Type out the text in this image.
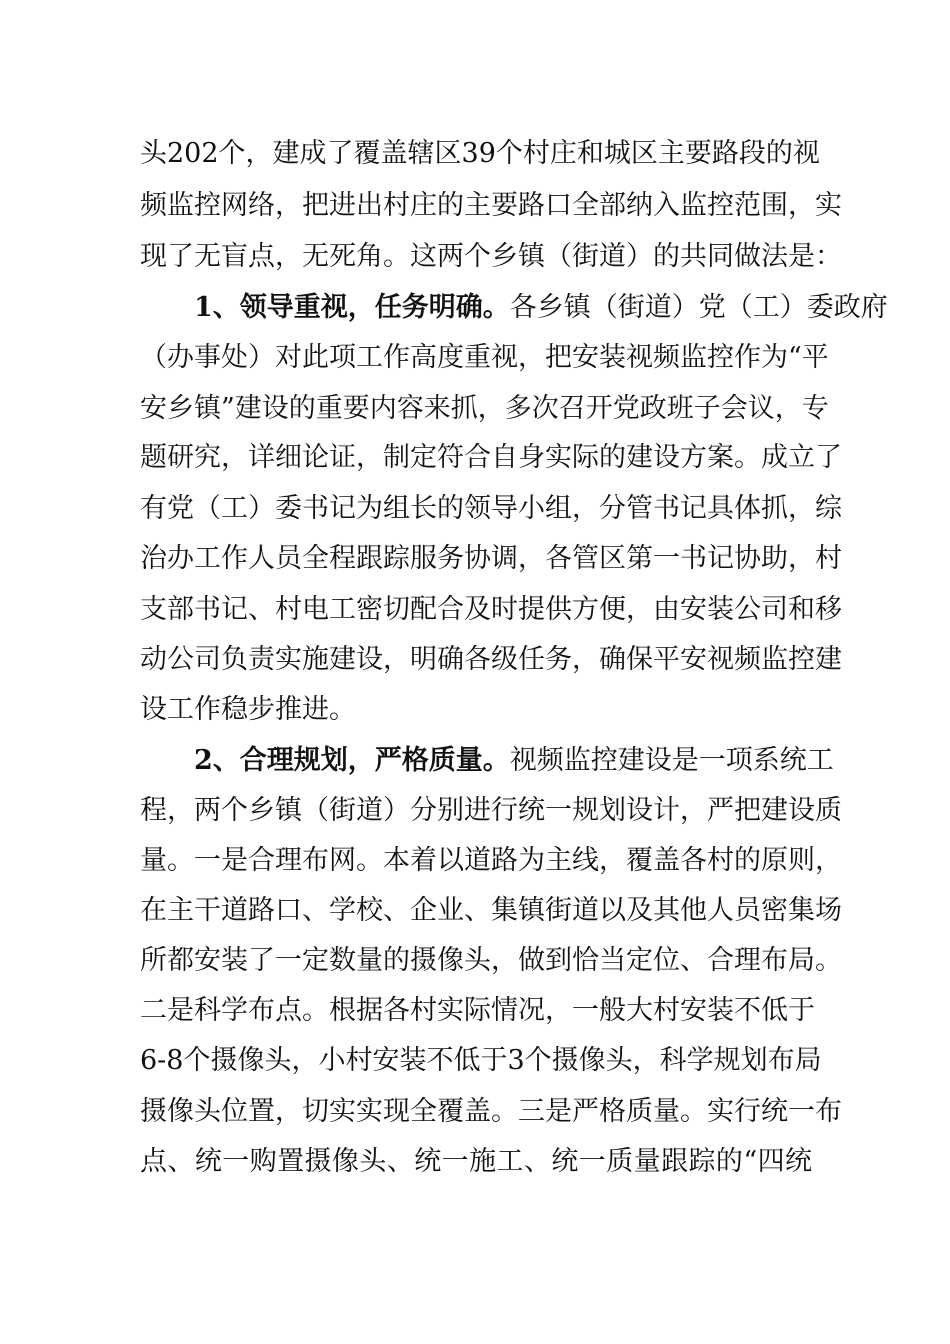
头202个，建成了覆盖辖区39个村庄和城区主要路段的视
频监控网络，把进出村庄的主要路口全部纳入监控范围，实
现了无盲点，无死角。这两个乡镇（街道）的共同做法是：
1、领导重视，任务明确。各乡镇（街道）党（工）委政府
（办事处）对此项工作高度重视，把安装视频监控作为“平
安乡镇”建设的重要内容来抓，多次召开党政班子会议，专
题研究，详细论证，制定符合自身实际的建设方案。成立了
有党（工）委书记为组长的领导小组，分管书记具体抓，综
治办工作人员全程跟踪服务协调，各管区第一书记协助，村
支部书记、村电工密切配合及时提供方便，由安装公司和移
动公司负责实施建设，明确各级任务，确保平安视频监控建
设工作稳步推进。
2、合理规划，严格质量。视频监控建设是一项系统工
程，两个乡镇（街道）分别进行统一规划设计，严把建设质
量。一是合理布网。本着以道路为主线，覆盖各村的原则，
在主干道路口、学校、企业、集镇街道以及其他人员密集场
所都安装了一定数量的摄像头，做到恰当定位、合理布局。
二是科学布点。根据各村实际情况，一般大村安装不低于
6-8个摄像头，小村安装不低于3个摄像头，科学规划布局
摄像头位置，切实实现全覆盖。三是严格质量。实行统一布
点、统一购置摄像头、统一施工、统一质量跟踪的“四统
